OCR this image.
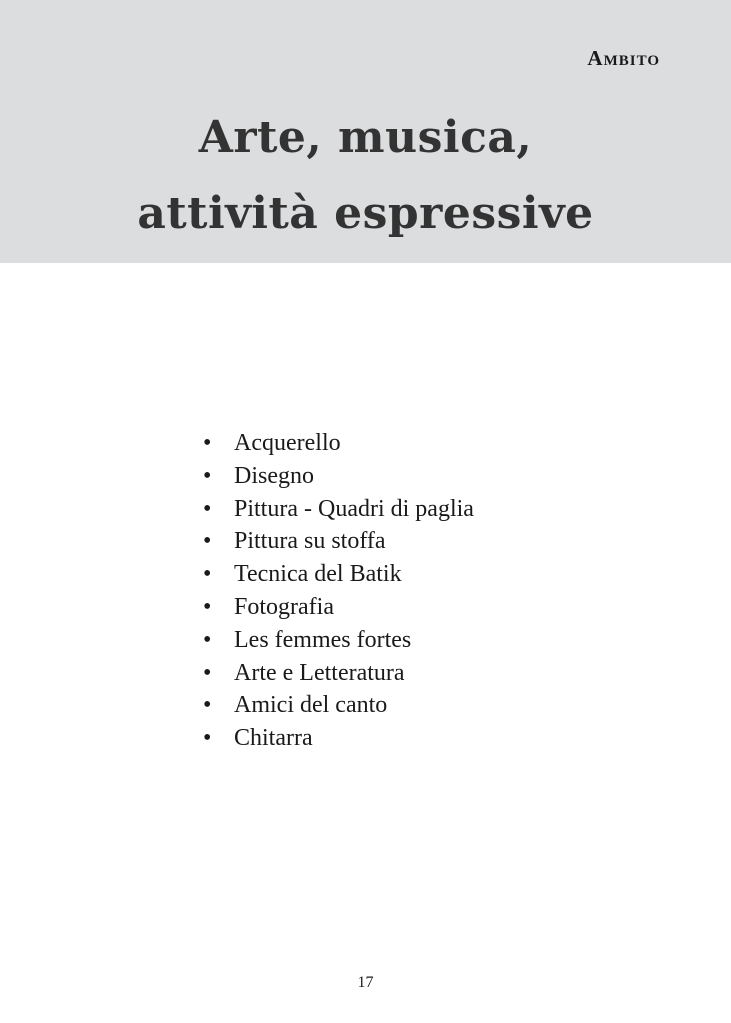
Ambito
Arte, musica,
attività espressive
• Acquerello
• Disegno
• Pittura - Quadri di paglia
• Pittura su stoffa
• Tecnica del Batik
• Fotografia
• Les femmes fortes
• Arte e Letteratura
• Amici del canto
• Chitarra
17
